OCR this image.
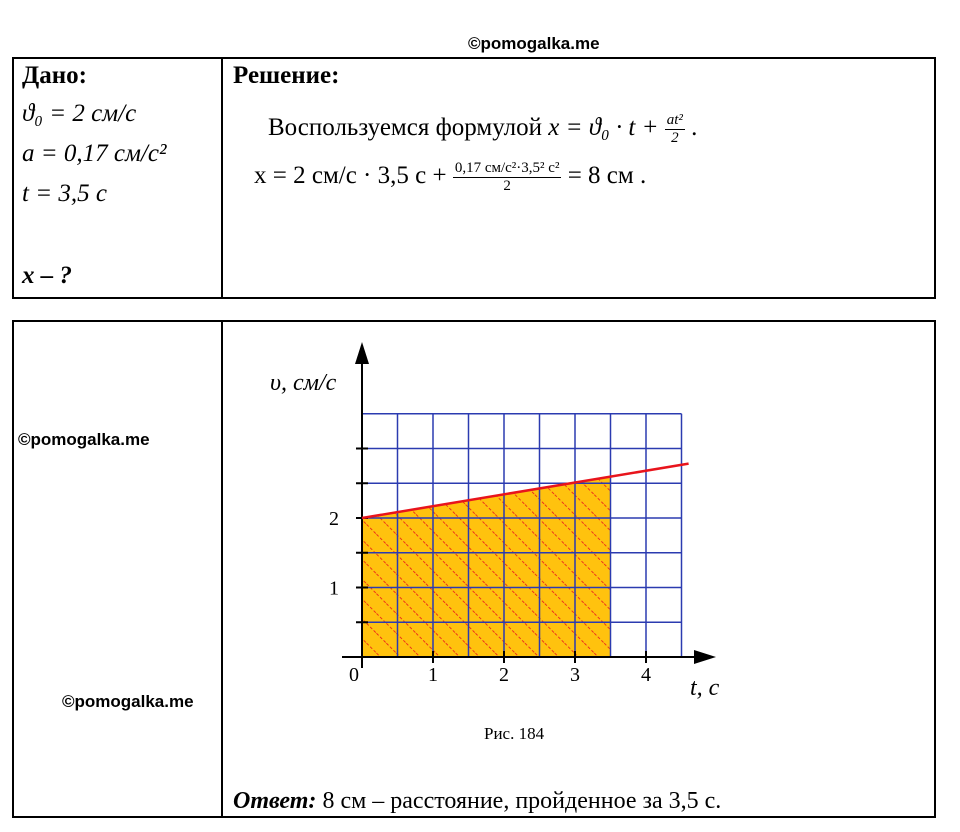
©pomogalka.me
©pomogalka.me
©pomogalka.me
Дано:
ϑ₀ = 2 см/с
a = 0,17 см/с²
t = 3,5 с
x – ?
Решение:
Воспользуемся формулой $x = ϑ_0 \cdot t + \frac{\text{at²}}{2}$ .
x = 2 см/с · 3,5 $с + \frac{\text{0,17 см/с²·3,5² с²}}{2} = 8$ см .
1	2	3	4
1
2
υ, см/с
t, с
0
Рис. 184
Ответ: 8 см – расстояние, пройденное за 3,5 с.
